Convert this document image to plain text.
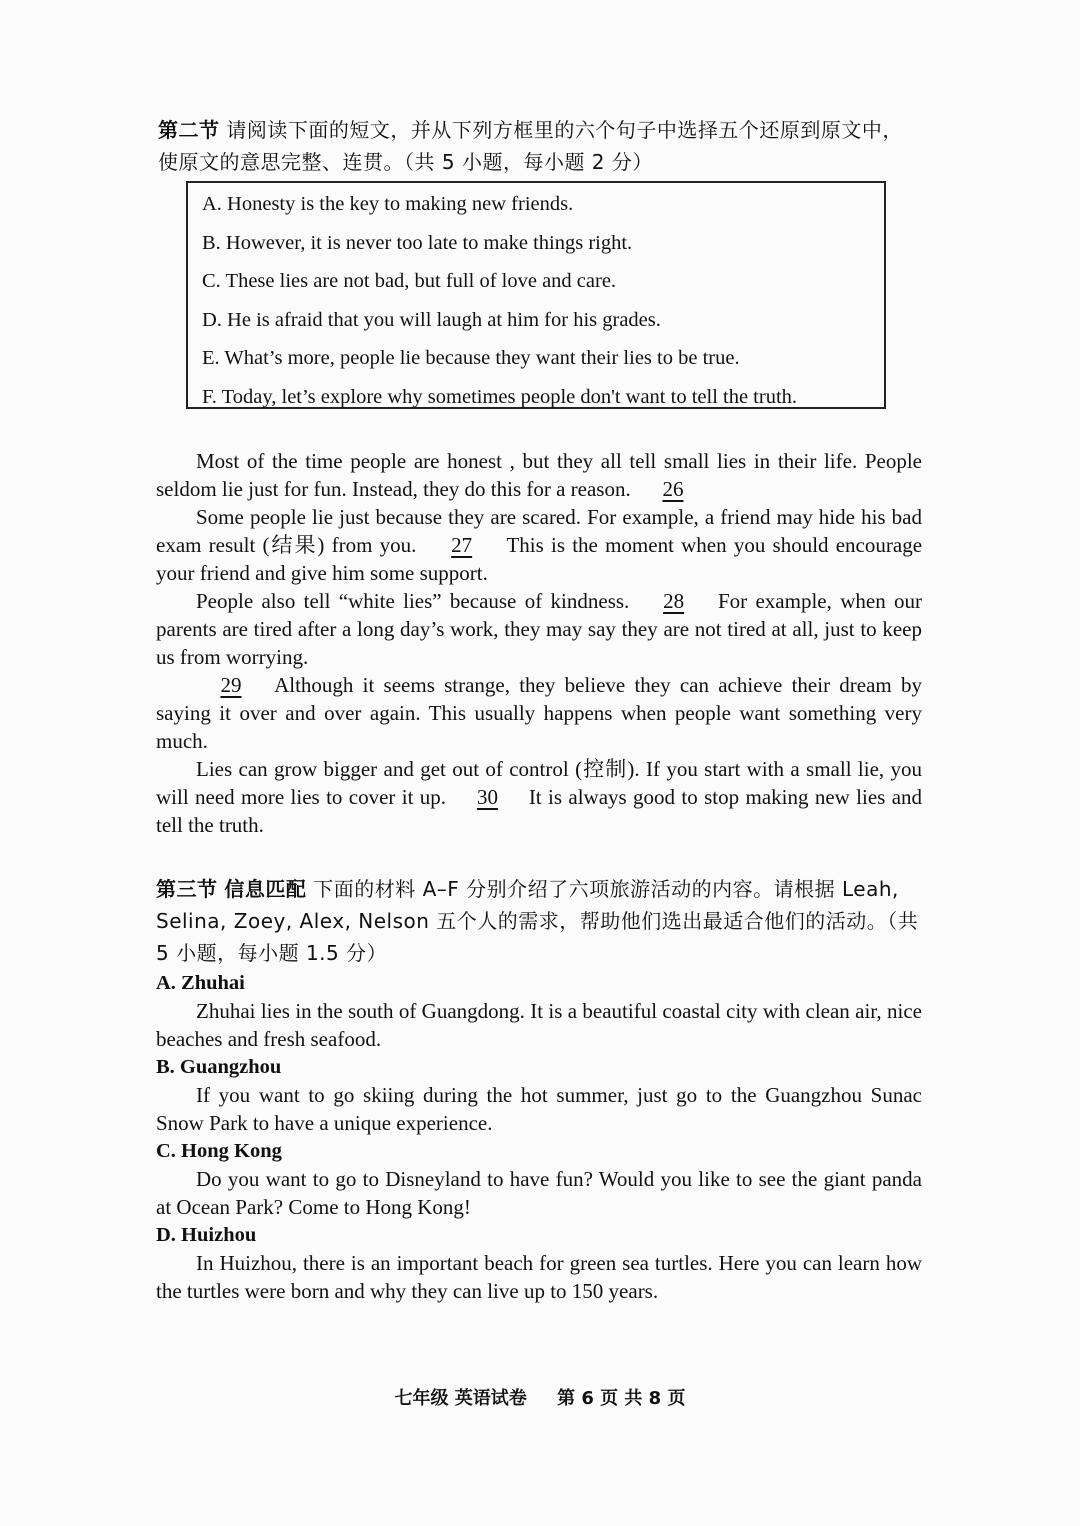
第二节 请阅读下面的短文，并从下列方框里的六个句子中选择五个还原到原文中，使原文的意思完整、连贯。（共 5 小题，每小题 2 分）
A. Honesty is the key to making new friends.
B. However, it is never too late to make things right.
C. These lies are not bad, but full of love and care.
D. He is afraid that you will laugh at him for his grades.
E. What’s more, people lie because they want their lies to be true.
F. Today, let’s explore why sometimes people don't want to tell the truth.

Most of the time people are honest , but they all tell small lies in their life. People seldom lie just for fun. Instead, they do this for a reason. 26

Some people lie just because they are scared. For example, a friend may hide his bad exam result (结果) from you. 27 This is the moment when you should encourage your friend and give him some support.

People also tell “white lies” because of kindness. 28 For example, when our parents are tired after a long day’s work, they may say they are not tired at all, just to keep us from worrying.

29 Although it seems strange, they believe they can achieve their dream by saying it over and over again. This usually happens when people want something very much.

Lies can grow bigger and get out of control (控制). If you start with a small lie, you will need more lies to cover it up. 30 It is always good to stop making new lies and tell the truth.

第三节 信息匹配 下面的材料 A–F 分别介绍了六项旅游活动的内容。请根据 Leah, Selina, Zoey, Alex, Nelson 五个人的需求，帮助他们选出最适合他们的活动。（共 5 小题，每小题 1.5 分）
A. Zhuhai

Zhuhai lies in the south of Guangdong. It is a beautiful coastal city with clean air, nice beaches and fresh seafood.

B. Guangzhou

If you want to go skiing during the hot summer, just go to the Guangzhou Sunac Snow Park to have a unique experience.

C. Hong Kong

Do you want to go to Disneyland to have fun? Would you like to see the giant panda at Ocean Park? Come to Hong Kong!

D. Huizhou

In Huizhou, there is an important beach for green sea turtles. Here you can learn how the turtles were born and why they can live up to 150 years.

七年级 英语试卷 第 6 页 共 8 页
